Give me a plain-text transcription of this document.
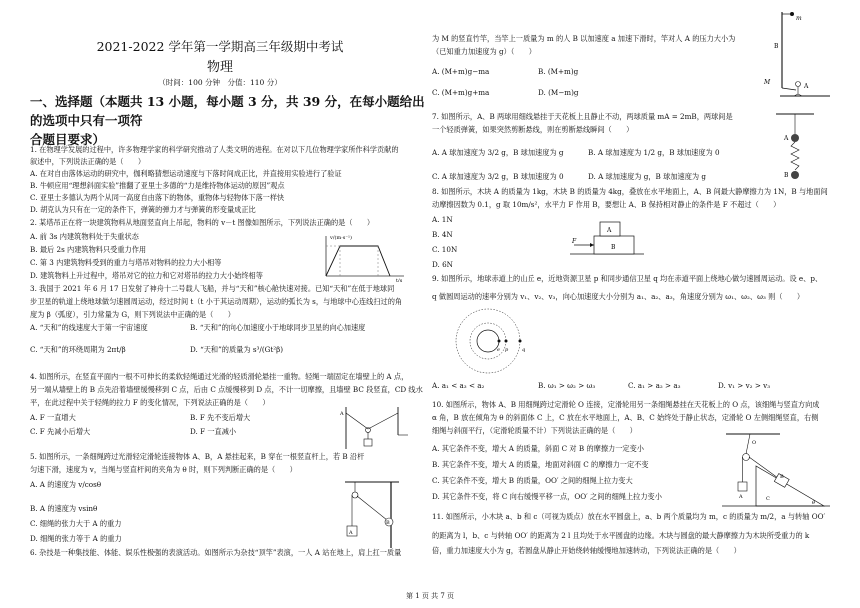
2021-2022 学年第一学期高三年级期中考试
物理
（时间：100 分钟　分值：110 分）
一、选择题（本题共 13 小题，每小题 3 分，共 39 分，在每小题给出的选项中只有一项符
合题目要求）
1. 在物理学发展的过程中，许多物理学家的科学研究推动了人类文明的进程。在对以下几位物理学家所作科学贡献的
叙述中，下列说法正确的是（　　）
A. 在对自由落体运动的研究中，伽利略猜想运动速度与下落时间成正比，并直接用实验进行了验证
B. 牛顿应用“理想斜面实验”推翻了亚里士多德的“力是维持物体运动的原因”观点
C. 亚里士多德认为两个从同一高度自由落下的物体，重物体与轻物体下落一样快
D. 胡克认为只有在一定的条件下，弹簧的弹力才与弹簧的形变量成正比
2. 某塔吊正在将一块建筑物料从地面竖直向上吊起，物料的 v－t 图像如图所示，下列说法正确的是（　　）
A. 前 3s 内建筑物料处于失重状态
B. 最后 2s 内建筑物料只受重力作用
C. 第 3 内建筑物料受到的重力与塔吊对物料的拉力大小相等
D. 建筑物料上升过程中，塔吊对它的拉力和它对塔吊的拉力大小始终相等
v/(m·s⁻¹)
t/s
3. 我国于 2021 年 6 月 17 日发射了神舟十二号载人飞船，并与“天和”核心舱快速对接。已知“天和”在低于地球同
步卫星的轨道上绕地球做匀速圆周运动，经过时间 t（t 小于其运动周期），运动的弧长为 s，与地球中心连线扫过的角
度为 β（弧度），引力常量为 G，则下列说法中正确的是（　　）
A. “天和”的线速度大于第一宇宙速度	B. “天和”的向心加速度小于地球同步卫星的向心加速度
C. “天和”的环绕周期为 2πt/β	D. “天和”的质量为 s³/(Gt²β)
4. 如图所示，在竖直平面内一根不可伸长的柔软轻绳通过光滑的轻质滑轮悬挂一重物。轻绳一端固定在墙壁上的 A 点，
另一端从墙壁上的 B 点先沿着墙壁缓慢移到 C 点，后由 C 点缓慢移到 D 点，不计一切摩擦，且墙壁 BC 段竖直，CD 线水
平，在此过程中关于轻绳的拉力 F 的变化情况，下列说法正确的是（　　）
A. F 一直增大	B. F 先不变后增大
C. F 先减小后增大	D. F 一直减小
A
5. 如图所示，一条细绳跨过光滑轻定滑轮连接物体 A、B，A 悬挂起来，B 穿在一根竖直杆上，若 B 沿杆
匀速下滑，速度为 v，当绳与竖直杆间的夹角为 θ 时，则下列判断正确的是（　　）
A. A 的速度为 v/cosθ
B. A 的速度为 vsinθ
C. 细绳的张力大于 A 的重力
D. 细绳的张力等于 A 的重力
A
B
6. 杂技是一种集技能、体能、娱乐性极强的表演活动。如图所示为杂技“顶竿”表演，一人 A 站在地上，肩上扛一质量
为 M 的竖直竹竿，当竿上一质量为 m 的人 B 以加速度 a 加速下滑时，竿对人 A 的压力大小为
（已知重力加速度为 g）（　　）
A. (M+m)g−ma	B. (M+m)g
C. (M+m)g+ma	D. (M−m)g
m
B
M
A
7. 如图所示，A、B 两球用细线悬挂于天花板上且静止不动，两球质量 mA = 2mB，两球间是
一个轻质弹簧，如果突然剪断悬线，则在剪断悬线瞬间（　　）
A. A 球加速度为 3/2 g，B 球加速度为 g	B. A 球加速度为 1/2 g，B 球加速度为 0
C. A 球加速度为 3/2 g，B 球加速度为 0	D. A 球加速度为 g，B 球加速度为 g
A
B
8. 如图所示，木块 A 的质量为 1kg，木块 B 的质量为 4kg，叠放在水平地面上，A、B 间最大静摩擦力为 1N，B 与地面间
动摩擦因数为 0.1，g 取 10m/s²，水平力 F 作用 B，要想让 A、B 保持相对静止的条件是 F 不超过（　　）
A. 1N
B. 4N
C. 10N
D. 6N
F
A
B
9. 如图所示，地球赤道上的山丘 e，近地资源卫星 p 和同步通信卫星 q 均在赤道平面上绕地心做匀速圆周运动。设 e、p、
q 做圆周运动的速率分别为 v₁、v₂、v₃，向心加速度大小分别为 a₁、a₂、a₃，角速度分别为 ω₁、ω₂、ω₃ 则（　　）
e p	q
A. a₁ < a₃ < a₂	B. ω₁ > ω₂ > ω₃	C. a₁ > a₂ > a₃	D. v₁ > v₂ > v₃
10. 如图所示，物体 A、B 用细绳跨过定滑轮 O 连接，定滑轮用另一条细绳悬挂在天花板上的 O 点，该细绳与竖直方向成
α 角，B 放在倾角为 θ 的斜面体 C 上，C 放在水平地面上，A、B、C 始终处于静止状态，定滑轮 O 左侧细绳竖直，右侧
细绳与斜面平行，（定滑轮质量不计）下列说法正确的是（　　）
A. 其它条件不变，增大 A 的质量，斜面 C 对 B 的摩擦力一定变小
B. 其它条件不变，增大 A 的质量，地面对斜面 C 的摩擦力一定不变
C. 其它条件不变，增大 B 的质量，OO′ 之间的细绳上拉力变大
D. 其它条件不变，将 C 向右缓慢平移一点，OO′ 之间的细绳上拉力变小
O
A
B
C
θ
11. 如图所示，小木块 a、b 和 c（可视为质点）放在水平圆盘上，a、b 两个质量均为 m，c 的质量为 m/2，a 与转轴 OO′
的距离为 l，b、c 与转轴 OO′ 的距离为 2 l 且均处于水平圆盘的边缘。木块与圆盘的最大静摩擦力为木块所受重力的 k
倍，重力加速度大小为 g，若圆盘从静止开始绕转轴缓慢地加速转动，下列说法正确的是（　　）
第 1 页 共 7 页
